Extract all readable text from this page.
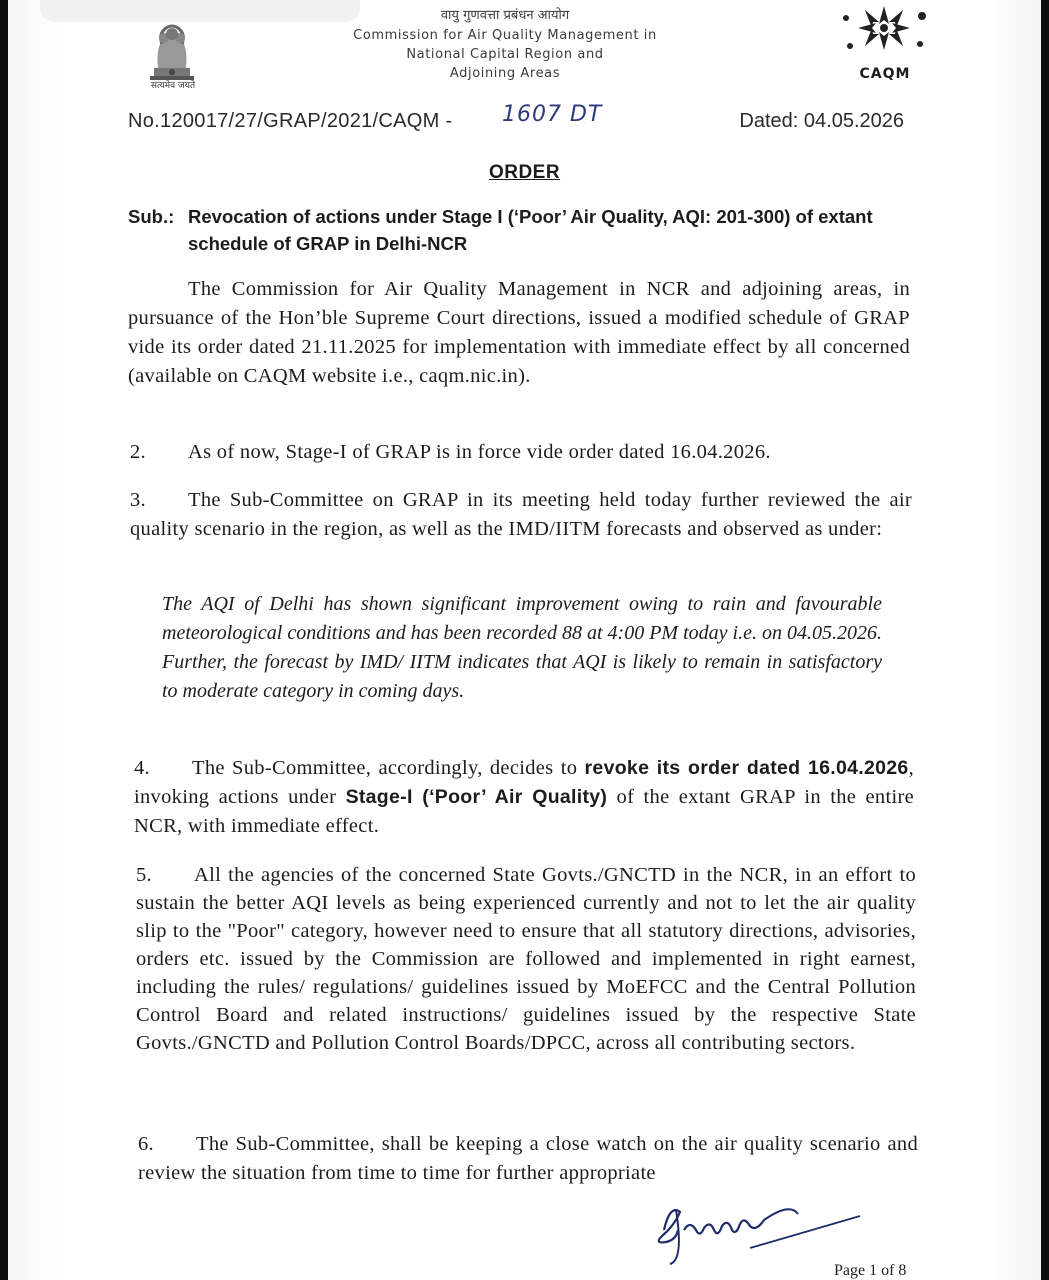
सत्यमेव जयते
वायु गुणवत्ता प्रबंधन आयोग
Commission for Air Quality Management in
National Capital Region and
Adjoining Areas	CAQM
No.120017/27/GRAP/2021/CAQM - 1607 DT	Dated: 04.05.2026
ORDER
Sub.: Revocation of actions under Stage I (‘Poor’ Air Quality, AQI: 201-300) of extant schedule of GRAP in Delhi-NCR
The Commission for Air Quality Management in NCR and adjoining areas, in pursuance of the Hon’ble Supreme Court directions, issued a modified schedule of GRAP vide its order dated 21.11.2025 for implementation with immediate effect by all concerned (available on CAQM website i.e., caqm.nic.in).
2. As of now, Stage-I of GRAP is in force vide order dated 16.04.2026.
3. The Sub-Committee on GRAP in its meeting held today further reviewed the air quality scenario in the region, as well as the IMD/IITM forecasts and observed as under:
The AQI of Delhi has shown significant improvement owing to rain and favourable meteorological conditions and has been recorded 88 at 4:00 PM today i.e. on 04.05.2026. Further, the forecast by IMD/ IITM indicates that AQI is likely to remain in satisfactory to moderate category in coming days.
4. The Sub-Committee, accordingly, decides to revoke its order dated 16.04.2026, invoking actions under Stage-I (‘Poor’ Air Quality) of the extant GRAP in the entire NCR, with immediate effect.
5. All the agencies of the concerned State Govts./GNCTD in the NCR, in an effort to sustain the better AQI levels as being experienced currently and not to let the air quality slip to the "Poor" category, however need to ensure that all statutory directions, advisories, orders etc. issued by the Commission are followed and implemented in right earnest, including the rules/ regulations/ guidelines issued by MoEFCC and the Central Pollution Control Board and related instructions/ guidelines issued by the respective State Govts./GNCTD and Pollution Control Boards/DPCC, across all contributing sectors.
6. The Sub-Committee, shall be keeping a close watch on the air quality scenario and review the situation from time to time for further appropriate
Page 1 of 8
